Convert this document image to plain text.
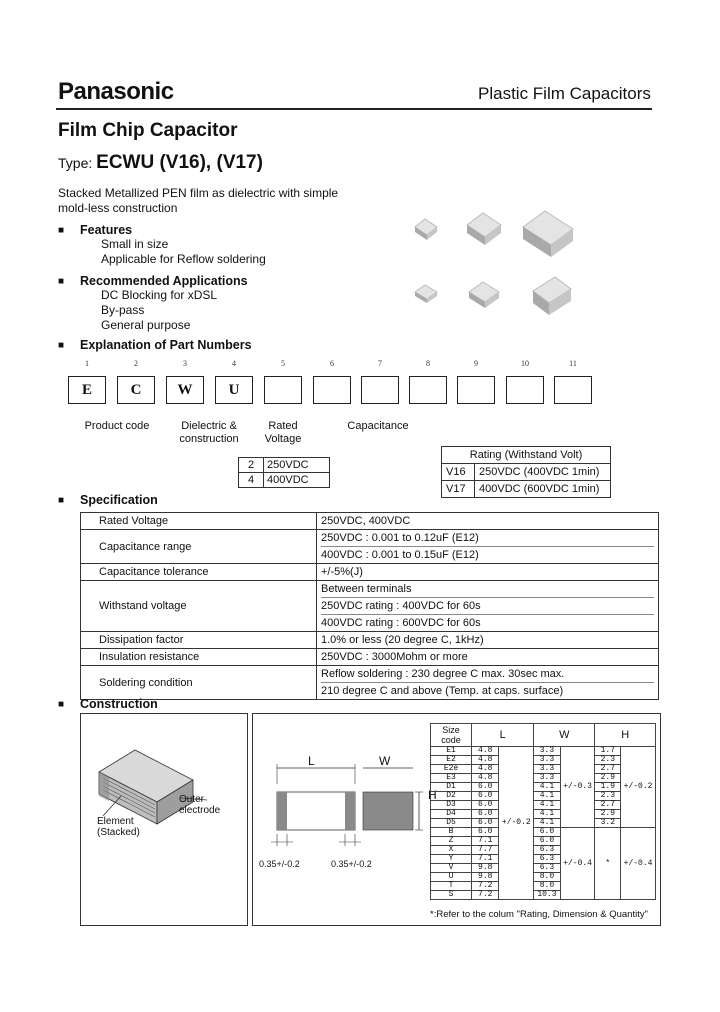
Panasonic	Plastic Film Capacitors
Film Chip Capacitor
Type: ECWU (V16), (V17)
Stacked Metallized PEN film as dielectric with simple
mold-less construction
■ Features
Small in size
Applicable for Reflow soldering
■ Recommended Applications
DC Blocking for xDSL
By-pass
General purpose
■ Explanation of Part Numbers
1	2	3	4	5	6	7	8	9	10	11
E	C	W	U
Product code	Dielectric &
construction
Rated
Voltage
Capacitance
2	250VDC
4	400VDC
Rating (Withstand Volt)	
V16	250VDC (400VDC 1min)
V17	400VDC (600VDC 1min)
■ Specification
Rated Voltage	250VDC, 400VDC

Capacitance range	250VDC : 0.001 to 0.12uF (E12)
400VDC : 0.001 to 0.15uF (E12)

Capacitance tolerance	+/-5%(J)

Withstand voltage	Between terminals
250VDC rating : 400VDC for 60s
400VDC rating : 600VDC for 60s

Dissipation factor	1.0% or less (20 degree C, 1kHz)

Insulation resistance	250VDC : 3000Mohm or more

Soldering condition	Reflow soldering : 230 degree C max. 30sec max.
210 degree C and above (Temp. at caps. surface)
■ Construction
Outer electrode
Element
(Stacked)
L	W
H
0.35+/-0.2	0.35+/-0.2
Size code	L		W		H	
E1	4.8	+/-0.2	3.3	+/-0.3	1.7	+/-0.2
E2	4.8		3.3		2.3	
E2e	4.8		3.3		2.7	
E3	4.8		3.3		2.9	
D1	6.0		4.1		1.9	
D2	6.0		4.1		2.3	
D3	6.0		4.1		2.7	
D4	6.0		4.1		2.9	
D5	6.0		4.1		3.2	
B	6.0		6.0	+/-0.4	*	+/-0.4
Z	7.1		6.0			
X	7.7		6.3			
Y	7.1		6.3			
V	9.8		6.3			
U	9.8		8.0			
T	7.2		8.0			
S	7.2		10.3			
*:Refer to the colum "Rating, Dimension & Quantity"
